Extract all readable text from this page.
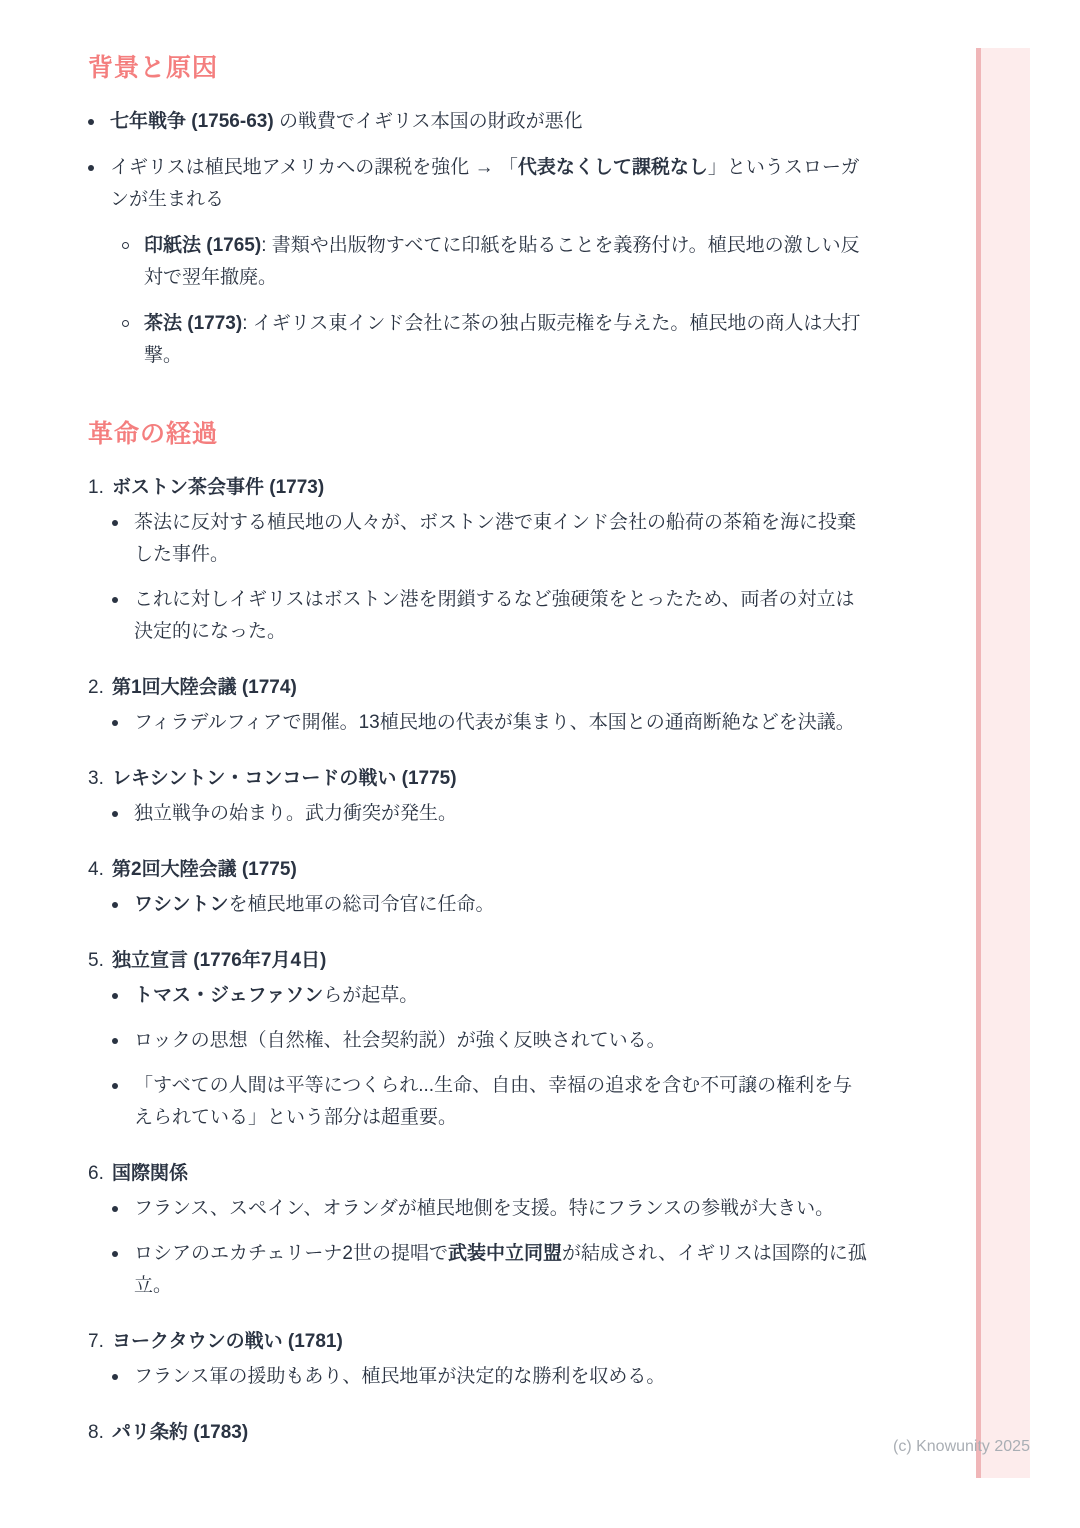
(c) Knowunity 2025
背景と原因

七年戦争 (1756-63) の戦費でイギリス本国の財政が悪化

イギリスは植民地アメリカへの課税を強化 → 「代表なくして課税なし」というスローガンが生まれる

印紙法 (1765): 書類や出版物すべてに印紙を貼ることを義務付け。植民地の激しい反対で翌年撤廃。

茶法 (1773): イギリス東インド会社に茶の独占販売権を与えた。植民地の商人は大打撃。

革命の経過
1. ボストン茶会事件 (1773)

茶法に反対する植民地の人々が、ボストン港で東インド会社の船荷の茶箱を海に投棄した事件。

これに対しイギリスはボストン港を閉鎖するなど強硬策をとったため、両者の対立は決定的になった。

2. 第1回大陸会議 (1774)

フィラデルフィアで開催。13植民地の代表が集まり、本国との通商断絶などを決議。

3. レキシントン・コンコードの戦い (1775)

独立戦争の始まり。武力衝突が発生。

4. 第2回大陸会議 (1775)

ワシントンを植民地軍の総司令官に任命。

5. 独立宣言 (1776年7月4日)

トマス・ジェファソンらが起草。

ロックの思想（自然権、社会契約説）が強く反映されている。

「すべての人間は平等につくられ...生命、自由、幸福の追求を含む不可譲の権利を与えられている」という部分は超重要。

6. 国際関係

フランス、スペイン、オランダが植民地側を支援。特にフランスの参戦が大きい。

ロシアのエカチェリーナ2世の提唱で武装中立同盟が結成され、イギリスは国際的に孤立。

7. ヨークタウンの戦い (1781)

フランス軍の援助もあり、植民地軍が決定的な勝利を収める。

8. パリ条約 (1783)
